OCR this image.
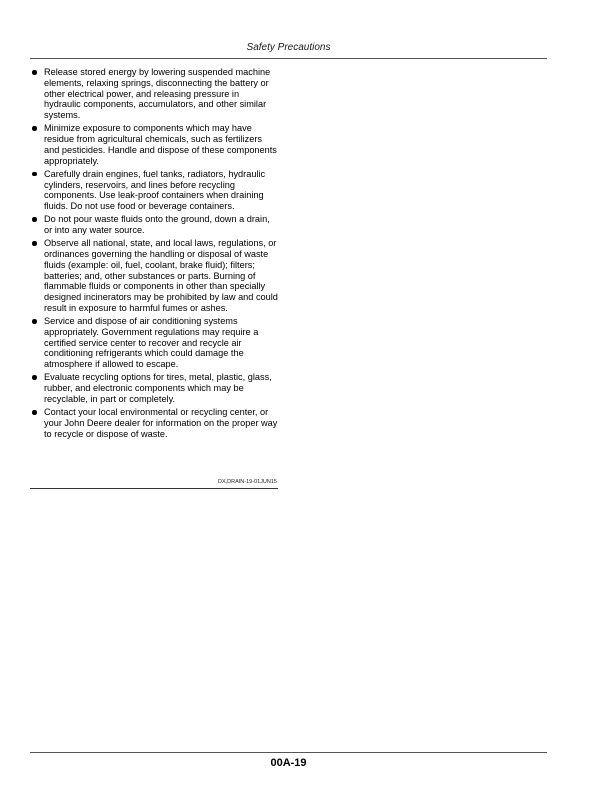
Safety Precautions
Release stored energy by lowering suspended machine elements, relaxing springs, disconnecting the battery or other electrical power, and releasing pressure in hydraulic components, accumulators, and other similar systems.
Minimize exposure to components which may have residue from agricultural chemicals, such as fertilizers and pesticides. Handle and dispose of these components appropriately.
Carefully drain engines, fuel tanks, radiators, hydraulic cylinders, reservoirs, and lines before recycling components. Use leak-proof containers when draining fluids. Do not use food or beverage containers.
Do not pour waste fluids onto the ground, down a drain, or into any water source.
Observe all national, state, and local laws, regulations, or ordinances governing the handling or disposal of waste fluids (example: oil, fuel, coolant, brake fluid); filters; batteries; and, other substances or parts. Burning of flammable fluids or components in other than specially designed incinerators may be prohibited by law and could result in exposure to harmful fumes or ashes.
Service and dispose of air conditioning systems appropriately. Government regulations may require a certified service center to recover and recycle air conditioning refrigerants which could damage the atmosphere if allowed to escape.
Evaluate recycling options for tires, metal, plastic, glass, rubber, and electronic components which may be recyclable, in part or completely.
Contact your local environmental or recycling center, or your John Deere dealer for information on the proper way to recycle or dispose of waste.
DX,DRAIN-19-01JUN15
00A-19
